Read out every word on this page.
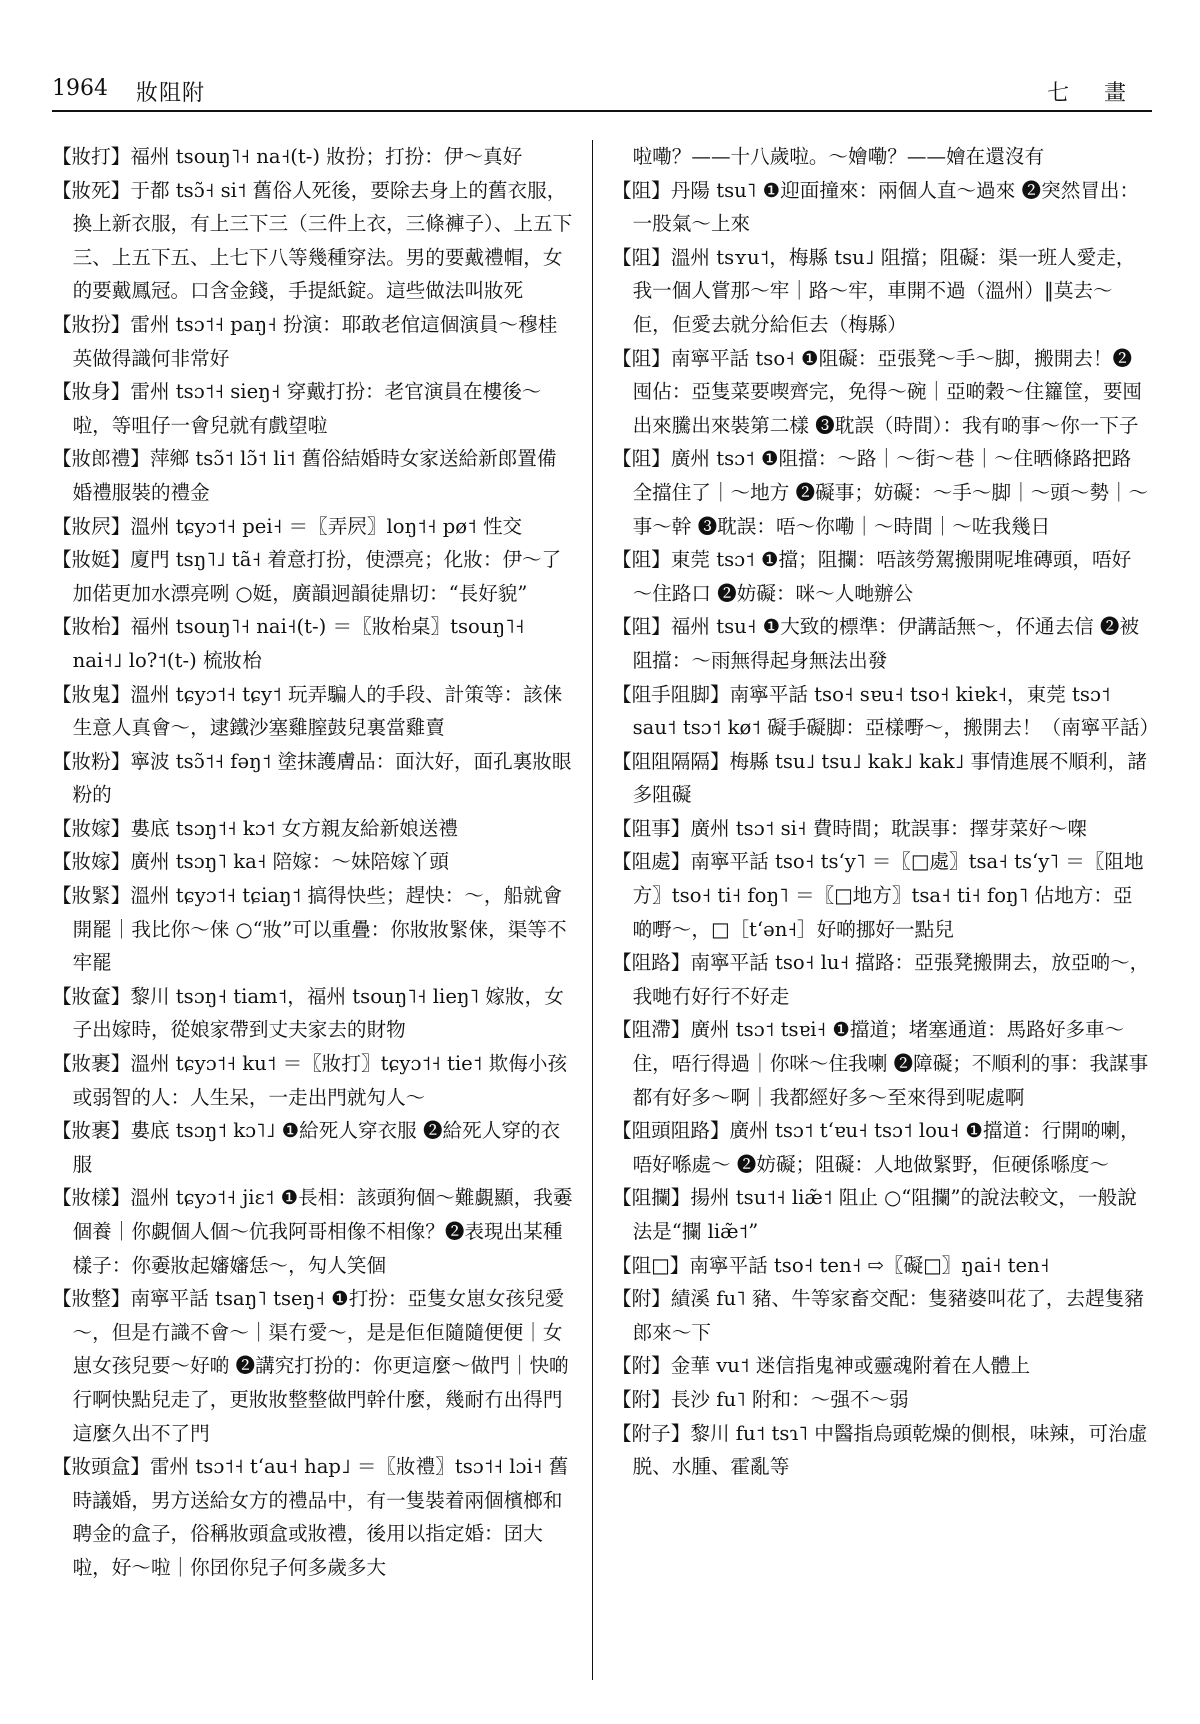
1964 妝阻附	七 畫

【妝打】福州 tsouŋ˥˧ na˧(t-) 妝扮；打扮：伊～真好

【妝死】于都 tsɔ̃˧ si˦ 舊俗人死後，要除去身上的舊衣服，換上新衣服，有上三下三（三件上衣，三條褲子）、上五下三、上五下五、上七下八等幾種穿法。男的要戴禮帽，女的要戴鳳冠。口含金錢，手提紙錠。這些做法叫妝死

【妝扮】雷州 tsɔ˦˧ paŋ˧ 扮演：耶敢老倌這個演員～穆桂英做得識何非常好

【妝身】雷州 tsɔ˦˧ sieŋ˧ 穿戴打扮：老官演員在樓後～啦，等咀仔一會兒就有戲望啦

【妝郎禮】萍鄉 tsɔ̃˦ lɔ̃˦ li˦ 舊俗結婚時女家送給新郎置備婚禮服裝的禮金

【妝屄】溫州 tɕyɔ˦˧ pei˧ ＝〖弄屄〗loŋ˦˧ pø˦ 性交

【妝娗】廈門 tsŋ˥˩ tã˧ 着意打扮，使漂亮；化妝：伊～了加偌更加水漂亮咧 ○娗，廣韻迥韻徒鼎切：“長好貌”

【妝枱】福州 tsouŋ˥˧ nai˧(t-) ＝〖妝枱桌〗tsouŋ˥˧ nai˧˩ lo?˦(t-) 梳妝枱

【妝鬼】溫州 tɕyɔ˦˧ tɕy˦ 玩弄騙人的手段、計策等：該俫生意人真會～，逮鐵沙塞雞膣鼓兒裏當雞賣

【妝粉】寧波 tsɔ̃˦˧ fəŋ˦ 塗抹護膚品：面汏好，面孔裏妝眼粉的

【妝嫁】婁底 tsɔŋ˦˧ kɔ˦ 女方親友給新娘送禮

【妝嫁】廣州 tsɔŋ˥ ka˧ 陪嫁：～妹陪嫁丫頭

【妝緊】溫州 tɕyɔ˦˧ tɕiaŋ˦ 搞得快些；趕快：～，船就會開罷｜我比你～俫 ○“妝”可以重疊：你妝妝緊俫，渠等不牢罷

【妝奩】黎川 tsɔŋ˧ tiam˦，福州 tsouŋ˥˧ lieŋ˥ 嫁妝，女子出嫁時，從娘家帶到丈夫家去的財物

【妝裹】溫州 tɕyɔ˦˧ ku˦ ＝〖妝打〗tɕyɔ˦˧ tie˦ 欺侮小孩或弱智的人：人生呆，一走出門就勼人～

【妝裹】婁底 tsɔŋ˦ kɔ˥˩ ❶給死人穿衣服 ❷給死人穿的衣服

【妝樣】溫州 tɕyɔ˦˧ jiɛ˦ ❶長相：該頭狗個～難覷顯，我嫑個養｜你覷個人個～伉我阿哥相像不相像？❷表現出某種樣子：你嫑妝起嬸嬸恁～，勼人笑個

【妝整】南寧平話 tsaŋ˥ tseŋ˧ ❶打扮：亞隻女崽女孩兒愛～，但是冇識不會～｜渠冇愛～，是是佢佢隨隨便便｜女崽女孩兒要～好啲 ❷講究打扮的：你更這麼～做門｜快啲行啊快點兒走了，更妝妝整整做門幹什麼，幾耐冇出得門這麼久出不了門

【妝頭盒】雷州 tsɔ˦˧ tʻau˧ hap˩ ＝〖妝禮〗tsɔ˦˧ lɔi˧ 舊時議婚，男方送給女方的禮品中，有一隻裝着兩個檳榔和聘金的盒子，俗稱妝頭盒或妝禮，後用以指定婚：囝大啦，好～啦｜你囝你兒子何多歲多大

啦嘞？——十八歲啦。～嬒嘞？——嬒在還沒有

【阻】丹陽 tsu˥ ❶迎面撞來：兩個人直～過來 ❷突然冒出：一股氣～上來

【阻】溫州 tsʏu˦，梅縣 tsu˩ 阻擋；阻礙：渠一班人愛走，我一個人嘗那～牢｜路～牢，車開不過（溫州）‖莫去～佢，佢愛去就分給佢去（梅縣）

【阻】南寧平話 tso˧ ❶阻礙：亞張凳～手～脚，搬開去！❷囤佔：亞隻菜要喫齊完，免得～碗｜亞啲穀～住籮筐，要囤出來騰出來裝第二樣 ❸耽誤（時間）：我有啲事～你一下子

【阻】廣州 tsɔ˦ ❶阻擋：～路｜～街～巷｜～住晒條路把路全擋住了｜～地方 ❷礙事；妨礙：～手～脚｜～頭～勢｜～事～幹 ❸耽誤：唔～你嘞｜～時間｜～咗我幾日

【阻】東莞 tsɔ˦ ❶擋；阻攔：唔該勞駕搬開呢堆磚頭，唔好～住路口 ❷妨礙：咪～人哋辦公

【阻】福州 tsu˧ ❶大致的標準：伊講話無～，伓通去信 ❷被阻擋：～雨無得起身無法出發

【阻手阻脚】南寧平話 tso˧ sɐu˧ tso˧ kiɐk˧，東莞 tsɔ˦ sau˦ tsɔ˦ kø˦ 礙手礙脚：亞樣嘢～，搬開去！（南寧平話）

【阻阻隔隔】梅縣 tsu˩ tsu˩ kak˩ kak˩ 事情進展不順利，諸多阻礙

【阻事】廣州 tsɔ˦ si˧ 費時間；耽誤事：擇芽菜好～㗎

【阻處】南寧平話 tso˧ tsʻy˥ ＝〖□處〗tsa˧ tsʻy˥ ＝〖阻地方〗tso˧ ti˧ foŋ˥ ＝〖□地方〗tsa˧ ti˧ foŋ˥ 佔地方：亞啲嘢～，□［tʻən˧］好啲挪好一點兒

【阻路】南寧平話 tso˧ lu˧ 擋路：亞張凳搬開去，放亞啲～，我哋冇好行不好走

【阻滯】廣州 tsɔ˦ tsɐi˧ ❶擋道；堵塞通道：馬路好多車～住，唔行得過｜你咪～住我喇 ❷障礙；不順利的事：我謀事都有好多～啊｜我都經好多～至來得到呢處啊

【阻頭阻路】廣州 tsɔ˦ tʻɐu˧ tsɔ˦ lou˧ ❶擋道：行開啲喇，唔好喺處～ ❷妨礙；阻礙：人地做緊野，佢硬係喺度～

【阻攔】揚州 tsu˦˧ liæ̃˦ 阻止 ○“阻攔”的說法較文，一般說法是“攔 liæ̃˦”

【阻□】南寧平話 tso˧ ten˧ ⇨〖礙□〗ŋai˧ ten˧

【附】績溪 fu˥ 豬、牛等家畜交配：隻豬婆叫花了，去趕隻豬郎來～下

【附】金華 vu˦ 迷信指鬼神或靈魂附着在人體上

【附】長沙 fu˥ 附和：～强不～弱

【附子】黎川 fu˦ tsɿ˥ 中醫指烏頭乾燥的側根，味辣，可治虛脱、水腫、霍亂等
